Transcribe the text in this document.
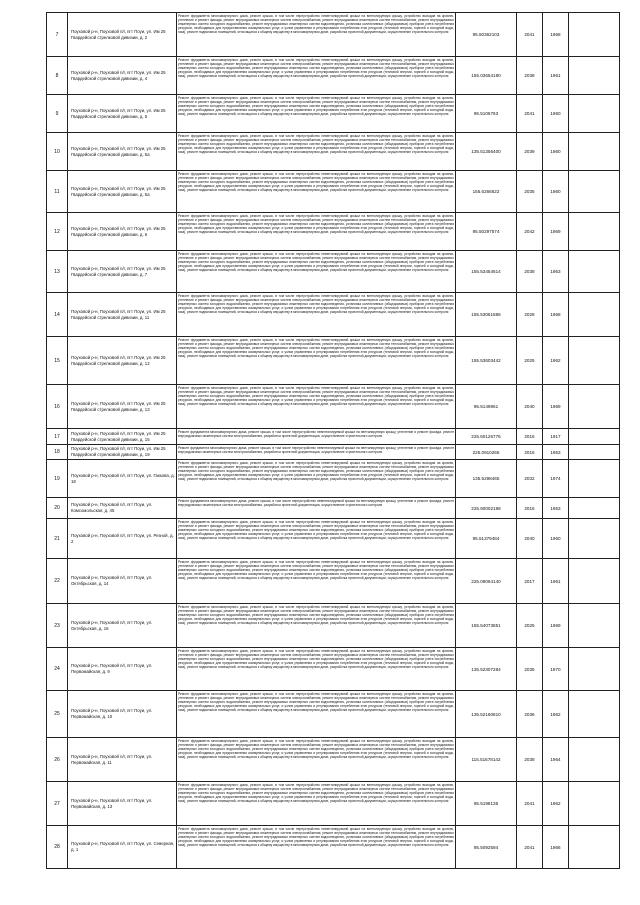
7	Поуховой р-н, Поуховой п/г, пгт Поуи, ул. Им 25 Гвардейской стрелковой дивизии, д. 2	Ремонт фундамента многоквартирного дома, ремонт крыши, в том числе переустройство невентилируемой крыши на вентилируемую крышу, устройство выходов на кровлю, утепление и ремонт фасада, ремонт внутридомовых инженерных систем электроснабжения, ремонт внутридомовых инженерных систем теплоснабжения, ремонт внутридомовых инженерных систем холодного водоснабжения, ремонт внутридомовых инженерных систем водоотведения, установка коллективных (общедомовых) приборов учета потребления ресурсов, необходимых для предоставления коммунальных услуг, и узлов управления и регулирования потребления этих ресурсов (тепловой энергии, горячей и холодной воды, газа), ремонт подвальных помещений, относящихся к общему имуществу в многоквартирном доме, разработка проектной документации, осуществление строительного контроля	95.50362103	2041	1968	
8	Поуховой р-н, Поуховой п/г, пгт Поуи, ул. Им 25 Гвардейской стрелковой дивизии, д. 4	Ремонт фундамента многоквартирного дома, ремонт крыши, в том числе переустройство невентилируемой крыши на вентилируемую крышу, устройство выходов на кровлю, утепление и ремонт фасада, ремонт внутридомовых инженерных систем электроснабжения, ремонт внутридомовых инженерных систем теплоснабжения, ремонт внутридомовых инженерных систем холодного водоснабжения, ремонт внутридомовых инженерных систем водоотведения, установка коллективных (общедомовых) приборов учета потребления ресурсов, необходимых для предоставления коммунальных услуг, и узлов управления и регулирования потребления этих ресурсов (тепловой энергии, горячей и холодной воды, газа), ремонт подвальных помещений, относящихся к общему имуществу в многоквартирном доме, разработка проектной документации, осуществление строительного контроля	155.03654180	2038	1961	
9	Поуховой р-н, Поуховой п/г, пгт Поуи, ул. Им 25 Гвардейской стрелковой дивизии, д. 5	Ремонт фундамента многоквартирного дома, ремонт крыши, в том числе переустройство невентилируемой крыши на вентилируемую крышу, устройство выходов на кровлю, утепление и ремонт фасада, ремонт внутридомовых инженерных систем электроснабжения, ремонт внутридомовых инженерных систем теплоснабжения, ремонт внутридомовых инженерных систем холодного водоснабжения, ремонт внутридомовых инженерных систем водоотведения, установка коллективных (общедомовых) приборов учета потребления ресурсов, необходимых для предоставления коммунальных услуг, и узлов управления и регулирования потребления этих ресурсов (тепловой энергии, горячей и холодной воды, газа), ремонт подвальных помещений, относящихся к общему имуществу в многоквартирном доме, разработка проектной документации, осуществление строительного контроля	95.5106763	2041	1960	
10	Поуховой р-н, Поуховой п/г, пгт Поуи, ул. Им 25 Гвардейской стрелковой дивизии, д. 5а	Ремонт фундамента многоквартирного дома, ремонт крыши, в том числе переустройство невентилируемой крыши на вентилируемую крышу, устройство выходов на кровлю, утепление и ремонт фасада, ремонт внутридомовых инженерных систем электроснабжения, ремонт внутридомовых инженерных систем теплоснабжения, ремонт внутридомовых инженерных систем холодного водоснабжения, ремонт внутридомовых инженерных систем водоотведения, установка коллективных (общедомовых) приборов учета потребления ресурсов, необходимых для предоставления коммунальных услуг, и узлов управления и регулирования потребления этих ресурсов (тепловой энергии, горячей и холодной воды, газа), ремонт подвальных помещений, относящихся к общему имуществу в многоквартирном доме, разработка проектной документации, осуществление строительного контроля	135.51356400	2039	1960	
11	Поуховой р-н, Поуховой п/г, пгт Поуи, ул. Им 25 Гвардейской стрелковой дивизии, д. 5а	Ремонт фундамента многоквартирного дома, ремонт крыши, в том числе переустройство невентилируемой крыши на вентилируемую крышу, устройство выходов на кровлю, утепление и ремонт фасада, ремонт внутридомовых инженерных систем электроснабжения, ремонт внутридомовых инженерных систем теплоснабжения, ремонт внутридомовых инженерных систем холодного водоснабжения, ремонт внутридомовых инженерных систем водоотведения, установка коллективных (общедомовых) приборов учета потребления ресурсов, необходимых для предоставления коммунальных услуг, и узлов управления и регулирования потребления этих ресурсов (тепловой энергии, горячей и холодной воды, газа), ремонт подвальных помещений, относящихся к общему имуществу в многоквартирном доме, разработка проектной документации, осуществление строительного контроля	155.6266622	2035	1960	
12	Поуховой р-н, Поуховой п/г, пгт Поуи, ул. Им 25 Гвардейской стрелковой дивизии, д. 6	Ремонт фундамента многоквартирного дома, ремонт крыши, в том числе переустройство невентилируемой крыши на вентилируемую крышу, устройство выходов на кровлю, утепление и ремонт фасада, ремонт внутридомовых инженерных систем электроснабжения, ремонт внутридомовых инженерных систем теплоснабжения, ремонт внутридомовых инженерных систем холодного водоснабжения, ремонт внутридомовых инженерных систем водоотведения, установка коллективных (общедомовых) приборов учета потребления ресурсов, необходимых для предоставления коммунальных услуг, и узлов управления и регулирования потребления этих ресурсов (тепловой энергии, горячей и холодной воды, газа), ремонт подвальных помещений, относящихся к общему имуществу в многоквартирном доме, разработка проектной документации, осуществление строительного контроля	95.50297574	2042	1969	
13	Поуховой р-н, Поуховой п/г, пгт Поуи, ул. Им 25 Гвардейской стрелковой дивизии, д. 7	Ремонт фундамента многоквартирного дома, ремонт крыши, в том числе переустройство невентилируемой крыши на вентилируемую крышу, устройство выходов на кровлю, утепление и ремонт фасада, ремонт внутридомовых инженерных систем электроснабжения, ремонт внутридомовых инженерных систем теплоснабжения, ремонт внутридомовых инженерных систем холодного водоснабжения, ремонт внутридомовых инженерных систем водоотведения, установка коллективных (общедомовых) приборов учета потребления ресурсов, необходимых для предоставления коммунальных услуг, и узлов управления и регулирования потребления этих ресурсов (тепловой энергии, горячей и холодной воды, газа), ремонт подвальных помещений, относящихся к общему имуществу в многоквартирном доме, разработка проектной документации, осуществление строительного контроля	155.53454614	2038	1963	
14	Поуховой р-н, Поуховой п/г, пгт Поуи, ул. Им 25 Гвардейской стрелковой дивизии, д. 11	Ремонт фундамента многоквартирного дома, ремонт крыши, в том числе переустройство невентилируемой крыши на вентилируемую крышу, устройство выходов на кровлю, утепление и ремонт фасада, ремонт внутридомовых инженерных систем электроснабжения, ремонт внутридомовых инженерных систем теплоснабжения, ремонт внутридомовых инженерных систем холодного водоснабжения, ремонт внутридомовых инженерных систем водоотведения, установка коллективных (общедомовых) приборов учета потребления ресурсов, необходимых для предоставления коммунальных услуг, и узлов управления и регулирования потребления этих ресурсов (тепловой энергии, горячей и холодной воды, газа), ремонт подвальных помещений, относящихся к общему имуществу в многоквартирном доме, разработка проектной документации, осуществление строительного контроля	155.53061886	2028	1968	
15	Поуховой р-н, Поуховой п/г, пгт Поуи, ул. Им 25 Гвардейской стрелковой дивизии, д. 12	Ремонт фундамента многоквартирного дома, ремонт крыши, в том числе переустройство невентилируемой крыши на вентилируемую крышу, устройство выходов на кровлю, утепление и ремонт фасада, ремонт внутридомовых инженерных систем электроснабжения, ремонт внутридомовых инженерных систем теплоснабжения, ремонт внутридомовых инженерных систем холодного водоснабжения, ремонт внутридомовых инженерных систем водоотведения, установка коллективных (общедомовых) приборов учета потребления ресурсов, необходимых для предоставления коммунальных услуг, и узлов управления и регулирования потребления этих ресурсов (тепловой энергии, горячей и холодной воды, газа), ремонт подвальных помещений, относящихся к общему имуществу в многоквартирном доме, разработка проектной документации, осуществление строительного контроля	155.53603442	2025	1962	
16	Поуховой р-н, Поуховой п/г, пгт Поуи, ул. Им 25 Гвардейской стрелковой дивизии, д. 13	Ремонт фундамента многоквартирного дома, ремонт крыши, в том числе переустройство невентилируемой крыши на вентилируемую крышу, устройство выходов на кровлю, утепление и ремонт фасада, ремонт внутридомовых инженерных систем электроснабжения, ремонт внутридомовых инженерных систем теплоснабжения, ремонт внутридомовых инженерных систем холодного водоснабжения, ремонт внутридомовых инженерных систем водоотведения, установка коллективных (общедомовых) приборов учета потребления ресурсов, необходимых для предоставления коммунальных услуг, и узлов управления и регулирования потребления этих ресурсов (тепловой энергии, горячей и холодной воды, газа), ремонт подвальных помещений, относящихся к общему имуществу в многоквартирном доме, разработка проектной документации, осуществление строительного контроля	95.5149861	2040	1969	
17	Поуховой р-н, Поуховой п/г, пгт Поуи, ул. Им 25 Гвардейской стрелковой дивизии, д. 15	Ремонт фундамента многоквартирного дома, ремонт крыши, в том числе переустройство невентилируемой крыши на вентилируемую крышу, утепление и ремонт фасада, ремонт внутридомовых инженерных систем электроснабжения, разработка проектной документации, осуществление строительного контроля	225.60126776	2016	1917	
18	Поуховой р-н, Поуховой п/г, пгт Поуи, ул. Им 25 Гвардейской стрелковой дивизии, д. 19	Ремонт фундамента многоквартирного дома, ремонт крыши, в том числе переустройство невентилируемой крыши на вентилируемую крышу, утепление и ремонт фасада, ремонт внутридомовых инженерных систем электроснабжения, разработка проектной документации, осуществление строительного контроля	225.0910266	2016	1953	
19	Поуховой р-н, Поуховой п/г, пгт Поуи, ул. Гаккова, д. 18	Ремонт фундамента многоквартирного дома, ремонт крыши, в том числе переустройство невентилируемой крыши на вентилируемую крышу, устройство выходов на кровлю, утепление и ремонт фасада, ремонт внутридомовых инженерных систем электроснабжения, ремонт внутридомовых инженерных систем теплоснабжения, ремонт внутридомовых инженерных систем холодного водоснабжения, ремонт внутридомовых инженерных систем водоотведения, установка коллективных (общедомовых) приборов учета потребления ресурсов, необходимых для предоставления коммунальных услуг, и узлов управления и регулирования потребления этих ресурсов (тепловой энергии, горячей и холодной воды, газа), ремонт подвальных помещений, относящихся к общему имуществу в многоквартирном доме, разработка проектной документации, осуществление строительного контроля	135.5298465	2032	1974	
20	Поуховой р-н, Поуховой п/г, пгт Поуи, ул. Комсомольская, д. 45	Ремонт фундамента многоквартирного дома, ремонт крыши, в том числе переустройство невентилируемой крыши на вентилируемую крышу, утепление и ремонт фасада, ремонт внутридомовых инженерных систем электроснабжения, разработка проектной документации, осуществление строительного контроля	225.90002198	2016	1953	
21	Поуховой р-н, Поуховой п/г, пгт Поуи, ул. Резной, д. 2	Ремонт фундамента многоквартирного дома, ремонт крыши, в том числе переустройство невентилируемой крыши на вентилируемую крышу, устройство выходов на кровлю, утепление и ремонт фасада, ремонт внутридомовых инженерных систем электроснабжения, ремонт внутридомовых инженерных систем теплоснабжения, ремонт внутридомовых инженерных систем холодного водоснабжения, ремонт внутридомовых инженерных систем водоотведения, установка коллективных (общедомовых) приборов учета потребления ресурсов, необходимых для предоставления коммунальных услуг, и узлов управления и регулирования потребления этих ресурсов (тепловой энергии, горячей и холодной воды, газа), ремонт подвальных помещений, относящихся к общему имуществу в многоквартирном доме, разработка проектной документации, осуществление строительного контроля	95.51379484	2040	1960	
22	Поуховой р-н, Поуховой п/г, пгт Поуи, ул. Октябрьская, д. 14	Ремонт фундамента многоквартирного дома, ремонт крыши, в том числе переустройство невентилируемой крыши на вентилируемую крышу, устройство выходов на кровлю, утепление и ремонт фасада, ремонт внутридомовых инженерных систем электроснабжения, ремонт внутридомовых инженерных систем теплоснабжения, ремонт внутридомовых инженерных систем холодного водоснабжения, ремонт внутридомовых инженерных систем водоотведения, установка коллективных (общедомовых) приборов учета потребления ресурсов, необходимых для предоставления коммунальных услуг, и узлов управления и регулирования потребления этих ресурсов (тепловой энергии, горячей и холодной воды, газа), ремонт подвальных помещений, относящихся к общему имуществу в многоквартирном доме, разработка проектной документации, осуществление строительного контроля	225.09064140	2017	1961	
23	Поуховой р-н, Поуховой п/г, пгт Поуи, ул. Октябрьская, д. 16	Ремонт фундамента многоквартирного дома, ремонт крыши, в том числе переустройство невентилируемой крыши на вентилируемую крышу, устройство выходов на кровлю, утепление и ремонт фасада, ремонт внутридомовых инженерных систем электроснабжения, ремонт внутридомовых инженерных систем теплоснабжения, ремонт внутридомовых инженерных систем холодного водоснабжения, ремонт внутридомовых инженерных систем водоотведения, установка коллективных (общедомовых) приборов учета потребления ресурсов, необходимых для предоставления коммунальных услуг, и узлов управления и регулирования потребления этих ресурсов (тепловой энергии, горячей и холодной воды, газа), ремонт подвальных помещений, относящихся к общему имуществу в многоквартирном доме, разработка проектной документации, осуществление строительного контроля	155.54073851	2025	1969	
24	Поуховой р-н, Поуховой п/г, пгт Поуи, ул. Первомайская, д. 9	Ремонт фундамента многоквартирного дома, ремонт крыши, в том числе переустройство невентилируемой крыши на вентилируемую крышу, устройство выходов на кровлю, утепление и ремонт фасада, ремонт внутридомовых инженерных систем электроснабжения, ремонт внутридомовых инженерных систем теплоснабжения, ремонт внутридомовых инженерных систем холодного водоснабжения, ремонт внутридомовых инженерных систем водоотведения, установка коллективных (общедомовых) приборов учета потребления ресурсов, необходимых для предоставления коммунальных услуг, и узлов управления и регулирования потребления этих ресурсов (тепловой энергии, горячей и холодной воды, газа), ремонт подвальных помещений, относящихся к общему имуществу в многоквартирном доме, разработка проектной документации, осуществление строительного контроля	135.52307284	2035	1970	
25	Поуховой р-н, Поуховой п/г, пгт Поуи, ул. Первомайская, д. 10	Ремонт фундамента многоквартирного дома, ремонт крыши, в том числе переустройство невентилируемой крыши на вентилируемую крышу, устройство выходов на кровлю, утепление и ремонт фасада, ремонт внутридомовых инженерных систем электроснабжения, ремонт внутридомовых инженерных систем теплоснабжения, ремонт внутридомовых инженерных систем холодного водоснабжения, ремонт внутридомовых инженерных систем водоотведения, установка коллективных (общедомовых) приборов учета потребления ресурсов, необходимых для предоставления коммунальных услуг, и узлов управления и регулирования потребления этих ресурсов (тепловой энергии, горячей и холодной воды, газа), ремонт подвальных помещений, относящихся к общему имуществу в многоквартирном доме, разработка проектной документации, осуществление строительного контроля	135.52160810	2036	1962	
26	Поуховой р-н, Поуховой п/г, пгт Поуи, ул. Первомайская, д. 11	Ремонт фундамента многоквартирного дома, ремонт крыши, в том числе переустройство невентилируемой крыши на вентилируемую крышу, устройство выходов на кровлю, утепление и ремонт фасада, ремонт внутридомовых инженерных систем электроснабжения, ремонт внутридомовых инженерных систем теплоснабжения, ремонт внутридомовых инженерных систем холодного водоснабжения, ремонт внутридомовых инженерных систем водоотведения, установка коллективных (общедомовых) приборов учета потребления ресурсов, необходимых для предоставления коммунальных услуг, и узлов управления и регулирования потребления этих ресурсов (тепловой энергии, горячей и холодной воды, газа), ремонт подвальных помещений, относящихся к общему имуществу в многоквартирном доме, разработка проектной документации, осуществление строительного контроля	115.51678142	2038	1964	
27	Поуховой р-н, Поуховой п/г, пгт Поуи, ул. Первомайская, д. 13	Ремонт фундамента многоквартирного дома, ремонт крыши, в том числе переустройство невентилируемой крыши на вентилируемую крышу, устройство выходов на кровлю, утепление и ремонт фасада, ремонт внутридомовых инженерных систем электроснабжения, ремонт внутридомовых инженерных систем теплоснабжения, ремонт внутридомовых инженерных систем холодного водоснабжения, ремонт внутридомовых инженерных систем водоотведения, установка коллективных (общедомовых) приборов учета потребления ресурсов, необходимых для предоставления коммунальных услуг, и узлов управления и регулирования потребления этих ресурсов (тепловой энергии, горячей и холодной воды, газа), ремонт подвальных помещений, относящихся к общему имуществу в многоквартирном доме, разработка проектной документации, осуществление строительного контроля	95.5198136	2041	1962	
28	Поуховой р-н, Поуховой п/г, пгт Поуи, ул. Северная, д. 1	Ремонт фундамента многоквартирного дома, ремонт крыши, в том числе переустройство невентилируемой крыши на вентилируемую крышу, устройство выходов на кровлю, утепление и ремонт фасада, ремонт внутридомовых инженерных систем электроснабжения, ремонт внутридомовых инженерных систем теплоснабжения, ремонт внутридомовых инженерных систем холодного водоснабжения, ремонт внутридомовых инженерных систем водоотведения, установка коллективных (общедомовых) приборов учета потребления ресурсов, необходимых для предоставления коммунальных услуг, и узлов управления и регулирования потребления этих ресурсов (тепловой энергии, горячей и холодной воды, газа), ремонт подвальных помещений, относящихся к общему имуществу в многоквартирном доме, разработка проектной документации, осуществление строительного контроля	95.5092594	2041	1966	
